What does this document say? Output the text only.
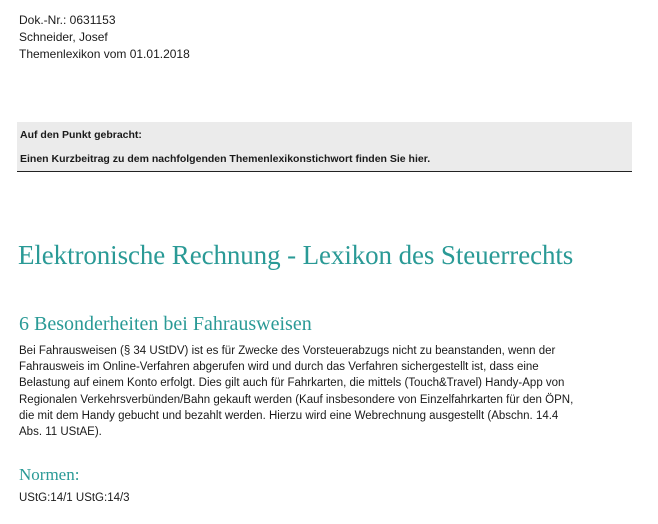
Dok.-Nr.: 0631153
Schneider, Josef
Themenlexikon vom 01.01.2018
Auf den Punkt gebracht:
Einen Kurzbeitrag zu dem nachfolgenden Themenlexikonstichwort finden Sie hier.
Elektronische Rechnung - Lexikon des Steuerrechts
6 Besonderheiten bei Fahrausweisen
Bei Fahrausweisen (§ 34 UStDV) ist es für Zwecke des Vorsteuerabzugs nicht zu beanstanden, wenn der
Fahrausweis im Online-Verfahren abgerufen wird und durch das Verfahren sichergestellt ist, dass eine
Belastung auf einem Konto erfolgt. Dies gilt auch für Fahrkarten, die mittels (Touch&Travel) Handy-App von
Regionalen Verkehrsverbünden/Bahn gekauft werden (Kauf insbesondere von Einzelfahrkarten für den ÖPN,
die mit dem Handy gebucht und bezahlt werden. Hierzu wird eine Webrechnung ausgestellt (Abschn. 14.4
Abs. 11 UStAE).
Normen:
UStG:14/1 UStG:14/3
